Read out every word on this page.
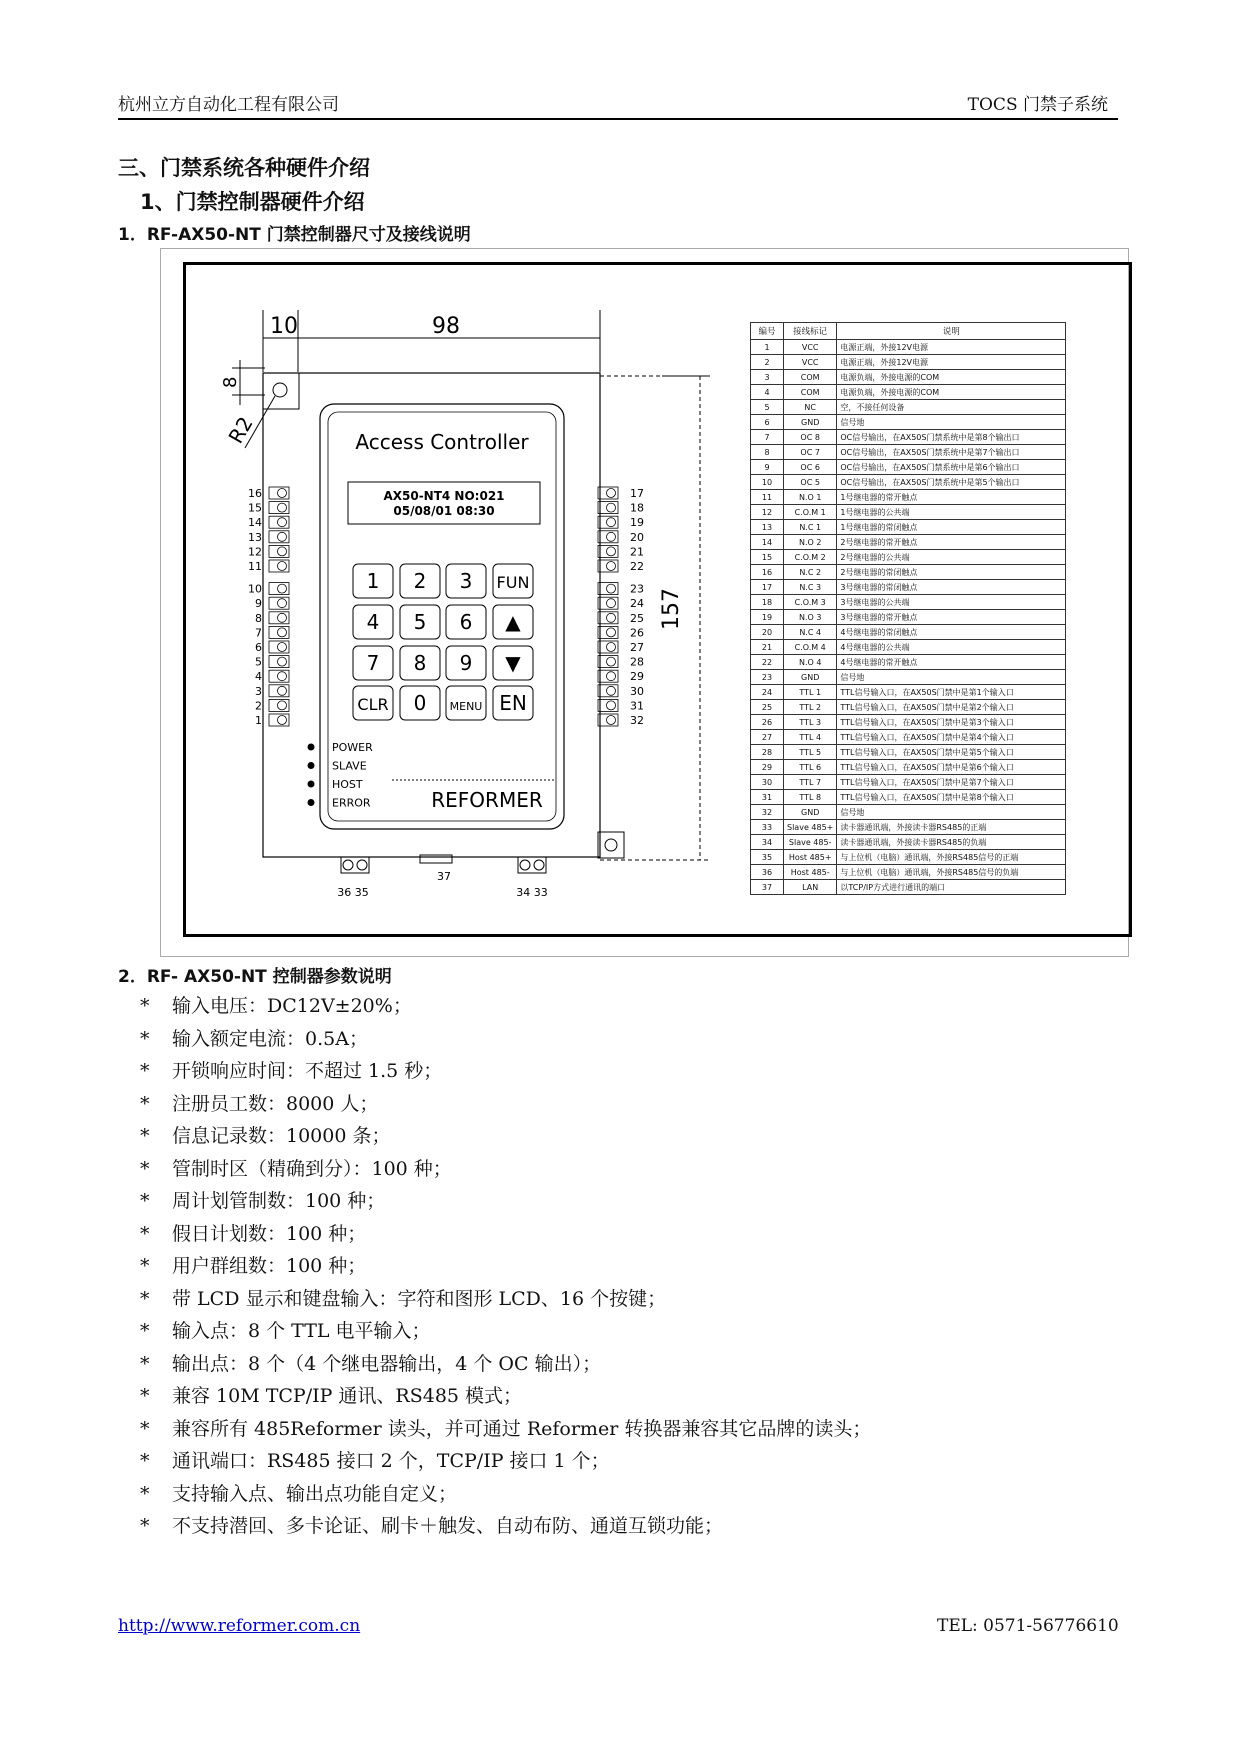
杭州立方自动化工程有限公司	TOCS 门禁子系统
三、门禁系统各种硬件介绍
1、门禁控制器硬件介绍
1．RF-AX50-NT 门禁控制器尺寸及接线说明
10	98
8
R2
157
Access Controller
AX50-NT4 NO:021
05/08/01 08:30
1 2 3 FUN
4 5 6 ▲
7 8 9 ▼
CLR 0 MENU EN
POWER
SLAVE
HOST
ERROR	REFORMER
16
15
14
13
12
11
10
9
8
7
6
5
4
3
2
1
17
18
19
20
21
22
23
24
25
26
27
28
29
30
31
32
36 35
37
34 33
编号	接线标记	说明
1	VCC	电源正端，外接12V电源
2	VCC	电源正端，外接12V电源
3	COM	电源负端，外接电源的COM
4	COM	电源负端，外接电源的COM
5	NC	空，不接任何设备
6	GND	信号地
7	OC 8	OC信号输出，在AX50S门禁系统中是第8个输出口
8	OC 7	OC信号输出，在AX50S门禁系统中是第7个输出口
9	OC 6	OC信号输出，在AX50S门禁系统中是第6个输出口
10	OC 5	OC信号输出，在AX50S门禁系统中是第5个输出口
11	N.O 1	1号继电器的常开触点
12	C.O.M 1	1号继电器的公共端
13	N.C 1	1号继电器的常闭触点
14	N.O 2	2号继电器的常开触点
15	C.O.M 2	2号继电器的公共端
16	N.C 2	2号继电器的常闭触点
17	N.C 3	3号继电器的常闭触点
18	C.O.M 3	3号继电器的公共端
19	N.O 3	3号继电器的常开触点
20	N.C 4	4号继电器的常闭触点
21	C.O.M 4	4号继电器的公共端
22	N.O 4	4号继电器的常开触点
23	GND	信号地
24	TTL 1	TTL信号输入口，在AX50S门禁中是第1个输入口
25	TTL 2	TTL信号输入口，在AX50S门禁中是第2个输入口
26	TTL 3	TTL信号输入口，在AX50S门禁中是第3个输入口
27	TTL 4	TTL信号输入口，在AX50S门禁中是第4个输入口
28	TTL 5	TTL信号输入口，在AX50S门禁中是第5个输入口
29	TTL 6	TTL信号输入口，在AX50S门禁中是第6个输入口
30	TTL 7	TTL信号输入口，在AX50S门禁中是第7个输入口
31	TTL 8	TTL信号输入口，在AX50S门禁中是第8个输入口
32	GND	信号地
33	Slave 485+	读卡器通讯端，外接读卡器RS485的正端
34	Slave 485-	读卡器通讯端，外接读卡器RS485的负端
35	Host 485+	与上位机（电脑）通讯端，外接RS485信号的正端
36	Host 485-	与上位机（电脑）通讯端，外接RS485信号的负端
37	LAN	以TCP/IP方式进行通讯的端口
2．RF- AX50-NT 控制器参数说明
* 输入电压：DC12V±20%；
* 输入额定电流：0.5A；
* 开锁响应时间：不超过 1.5 秒；
* 注册员工数：8000 人；
* 信息记录数：10000 条；
* 管制时区（精确到分）：100 种；
* 周计划管制数：100 种；
* 假日计划数：100 种；
* 用户群组数：100 种；
* 带 LCD 显示和键盘输入：字符和图形 LCD、16 个按键；
* 输入点：8 个 TTL 电平输入；
* 输出点：8 个（4 个继电器输出，4 个 OC 输出）；
* 兼容 10M TCP/IP 通讯、RS485 模式；
* 兼容所有 485Reformer 读头，并可通过 Reformer 转换器兼容其它品牌的读头；
* 通讯端口：RS485 接口 2 个，TCP/IP 接口 1 个；
* 支持输入点、输出点功能自定义；
* 不支持潜回、多卡论证、刷卡＋触发、自动布防、通道互锁功能；
http://www.reformer.com.cn	TEL: 0571-56776610
